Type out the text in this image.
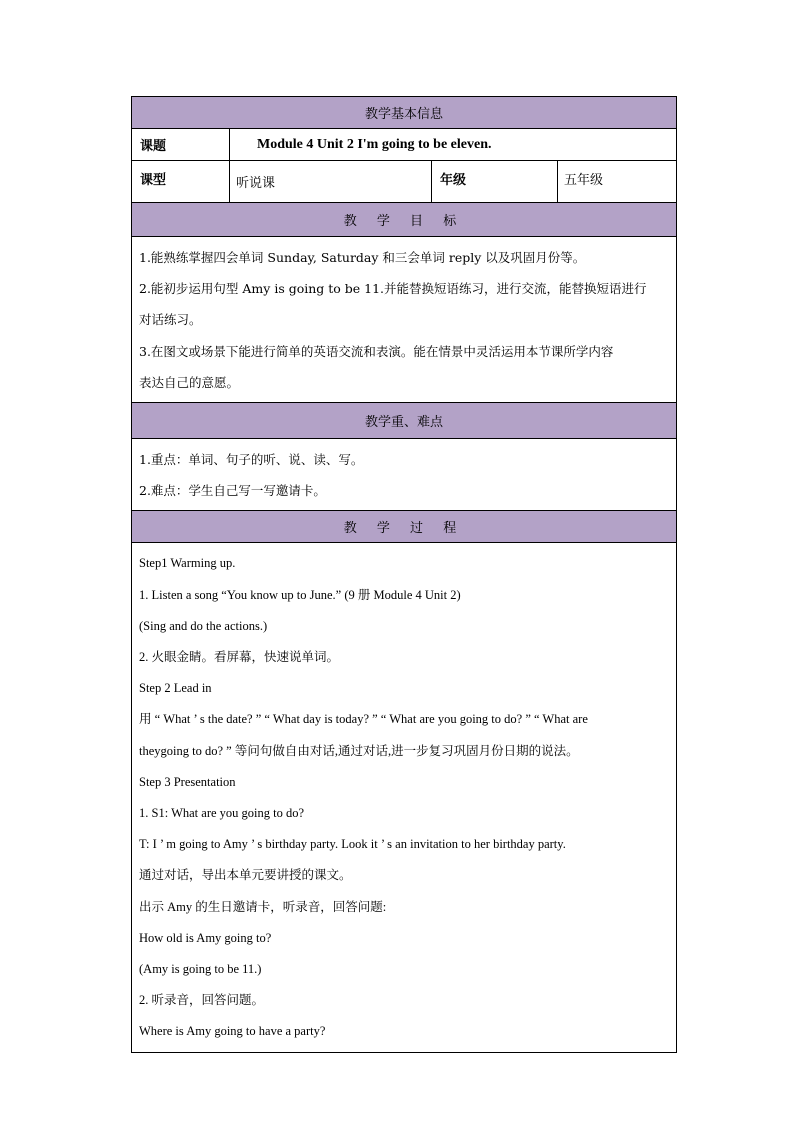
教学基本信息
课题	Module 4 Unit 2 I'm going to be eleven.
课型	听说课	年级	五年级
教 学 目 标
1.能熟练掌握四会单词 Sunday, Saturday 和三会单词 reply 以及巩固月份等。
2.能初步运用句型 Amy is going to be 11.并能替换短语练习，进行交流，能替换短语进行
对话练习。
3.在图文或场景下能进行简单的英语交流和表演。能在情景中灵活运用本节课所学内容
表达自己的意愿。
教学重、难点
1.重点：单词、句子的听、说、读、写。
2.难点：学生自己写一写邀请卡。
教 学 过 程
Step1 Warming up.
1. Listen a song “You know up to June.” (9 册 Module 4 Unit 2)
(Sing and do the actions.)
2. 火眼金睛。看屏幕，快速说单词。
Step 2 Lead in
用 “ What ’ s the date? ” “ What day is today? ” “ What are you going to do? ” “ What are
theygoing to do? ” 等问句做自由对话,通过对话,进一步复习巩固月份日期的说法。
Step 3 Presentation
1. S1: What are you going to do?
T: I ’ m going to Amy ’ s birthday party. Look it ’ s an invitation to her birthday party.
通过对话，导出本单元要讲授的课文。
出示 Amy 的生日邀请卡，听录音，回答问题:
How old is Amy going to?
(Amy is going to be 11.)
2. 听录音，回答问题。
Where is Amy going to have a party?
